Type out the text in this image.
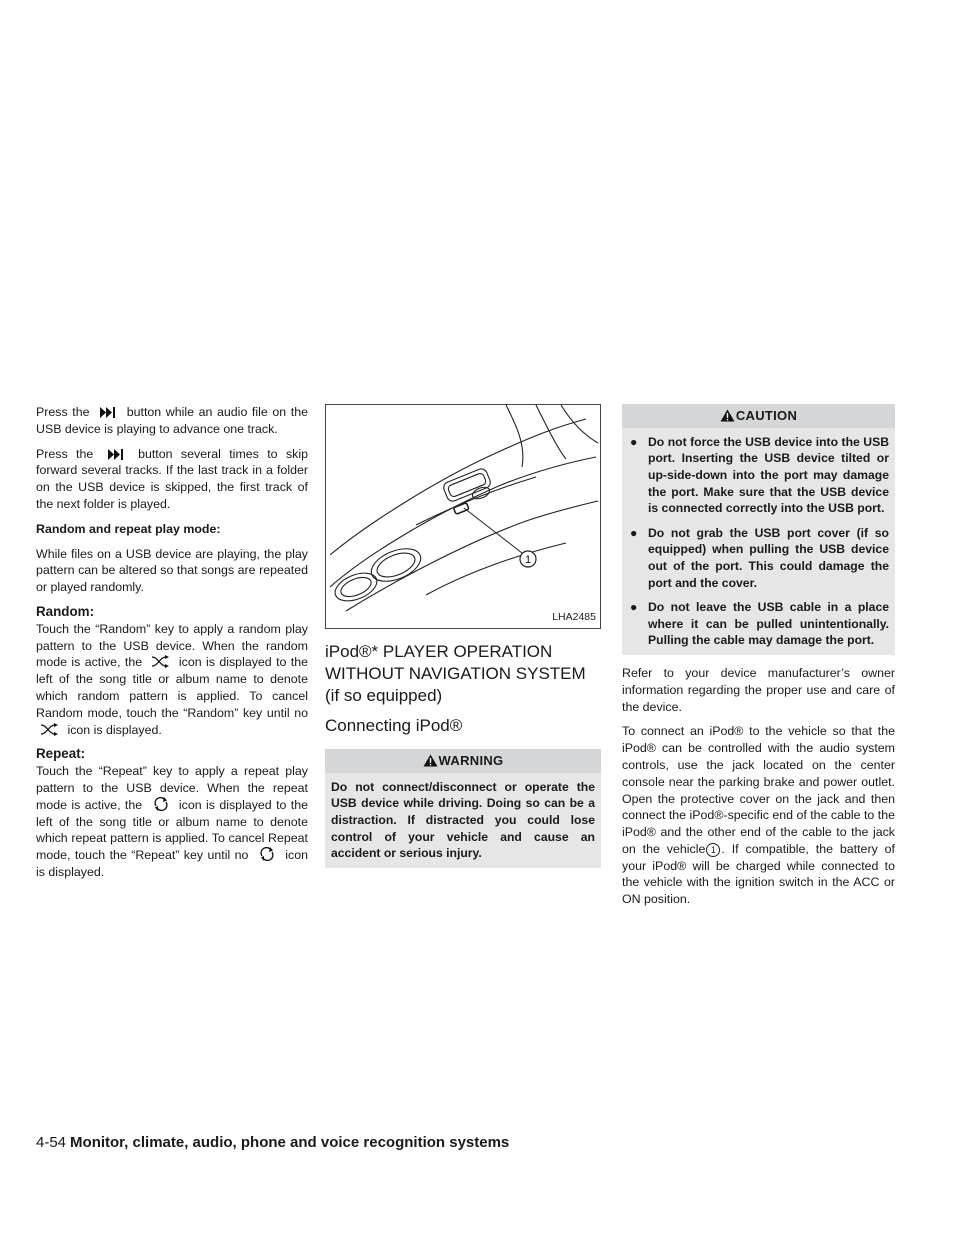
Press the	button while an audio file on the USB device is playing to advance one track.

Press the	button several times to skip forward several tracks. If the last track in a folder on the USB device is skipped, the first track of the next folder is played.

Random and repeat play mode:

While files on a USB device are playing, the play pattern can be altered so that songs are repeated or played randomly.

Random:

Touch the “Random” key to apply a random play pattern to the USB device. When the random mode is active, the	icon is displayed to the left of the song title or album name to denote which random pattern is applied. To cancel Random mode, touch the “Random” key until no  icon is displayed.

Repeat:

Touch the “Repeat” key to apply a repeat play pattern to the USB device. When the repeat mode is active, the	icon is displayed to the left of the song title or album name to denote which repeat pattern is applied. To cancel Repeat mode, touch the “Repeat” key until no	icon is displayed.

1
LHA2485
iPod®* PLAYER OPERATION WITHOUT NAVIGATION SYSTEM (if so equipped)
Connecting iPod®
WARNING
Do not connect/disconnect or operate the USB device while driving. Doing so can be a distraction. If distracted you could lose control of your vehicle and cause an accident or serious injury.
CAUTION
● Do not force the USB device into the USB port. Inserting the USB device tilted or up-side-down into the port may damage the port. Make sure that the USB device is connected correctly into the USB port.
● Do not grab the USB port cover (if so equipped) when pulling the USB device out of the port. This could damage the port and the cover.
● Do not leave the USB cable in a place where it can be pulled unintentionally. Pulling the cable may damage the port.

Refer to your device manufacturer’s owner information regarding the proper use and care of the device.

To connect an iPod® to the vehicle so that the iPod® can be controlled with the audio system controls, use the jack located on the center console near the parking brake and power outlet. Open the protective cover on the jack and then connect the iPod®-specific end of the cable to the iPod® and the other end of the cable to the jack on the vehicle 1 . If compatible, the battery of your iPod® will be charged while connected to the vehicle with the ignition switch in the ACC or ON position.

4-54 Monitor, climate, audio, phone and voice recognition systems
